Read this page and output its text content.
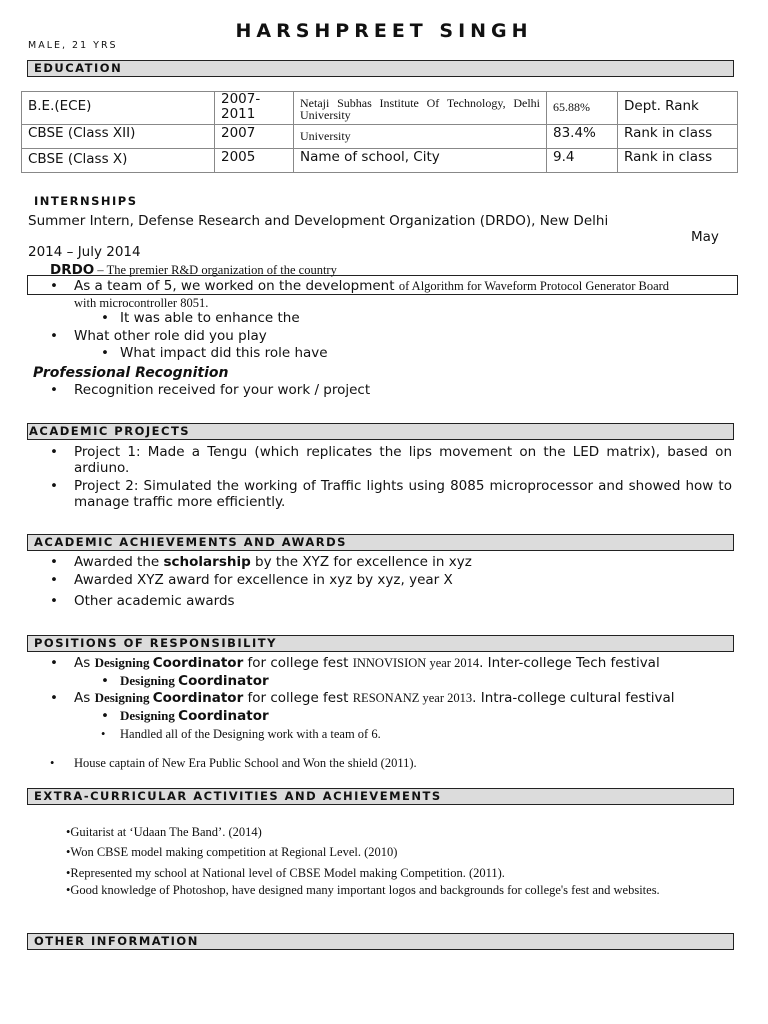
HARSHPREET SINGH
MALE, 21 YRS
EDUCATION
B.E.(ECE)	2007-2011	Netaji Subhas Institute Of Technology, Delhi University	65.88%	Dept. Rank
CBSE (Class XII)	2007	University	83.4%	Rank in class
CBSE (Class X)	2005	Name of school, City	9.4	Rank in class
INTERNSHIPS
Summer Intern, Defense Research and Development Organization (DRDO), New Delhi
May
2014 – July 2014
DRDO – The premier R&D organization of the country
• As a team of 5, we worked on the development of Algorithm for Waveform Protocol Generator Board
with microcontroller 8051.
• It was able to enhance the
• What other role did you play
• What impact did this role have
Professional Recognition
• Recognition received for your work / project
ACADEMIC PROJECTS
• Project 1: Made a Tengu (which replicates the lips movement on the LED matrix), based on ardiuno.
• Project 2: Simulated the working of Traffic lights using 8085 microprocessor and showed how to manage traffic more efficiently.
ACADEMIC ACHIEVEMENTS AND AWARDS
• Awarded the scholarship by the XYZ for excellence in xyz
• Awarded XYZ award for excellence in xyz by xyz, year X
• Other academic awards
POSITIONS OF RESPONSIBILITY
• As Designing Coordinator for college fest INNOVISION year 2014. Inter-college Tech festival
• Designing Coordinator
• As Designing Coordinator for college fest RESONANZ year 2013. Intra-college cultural festival
• Designing Coordinator
• Handled all of the Designing work with a team of 6.
• House captain of New Era Public School and Won the shield (2011).
EXTRA-CURRICULAR ACTIVITIES AND ACHIEVEMENTS
•Guitarist at ‘Udaan The Band’. (2014)
•Won CBSE model making competition at Regional Level. (2010)
•Represented my school at National level of CBSE Model making Competition. (2011).
•Good knowledge of Photoshop, have designed many important logos and backgrounds for college's fest and websites.
OTHER INFORMATION
